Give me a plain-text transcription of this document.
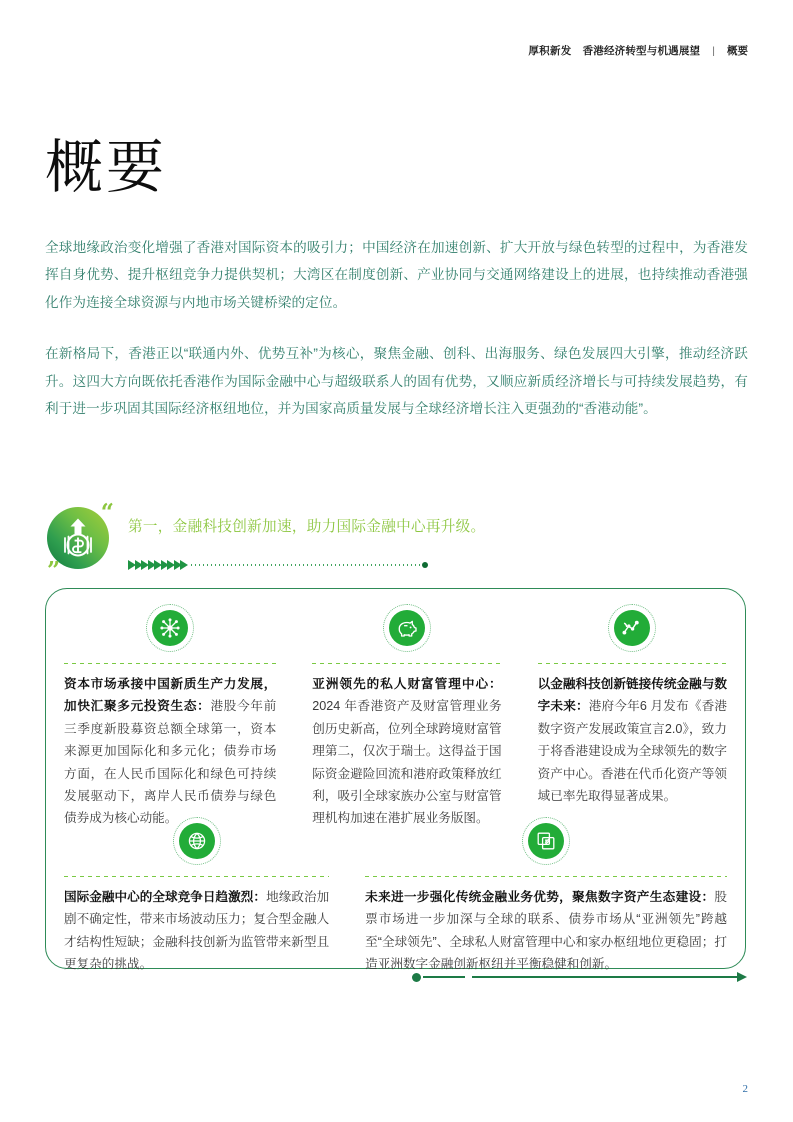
厚积新发 香港经济转型与机遇展望 | 概要
概要

全球地缘政治变化增强了香港对国际资本的吸引力；中国经济在加速创新、扩大开放与绿色转型的过程中，为香港发挥自身优势、提升枢纽竞争力提供契机；大湾区在制度创新、产业协同与交通网络建设上的进展，也持续推动香港强化作为连接全球资源与内地市场关键桥梁的定位。

在新格局下，香港正以“联通内外、优势互补”为核心，聚焦金融、创科、出海服务、绿色发展四大引擎，推动经济跃升。这四大方向既依托香港作为国际金融中心与超级联系人的固有优势，又顺应新质经济增长与可持续发展趋势，有利于进一步巩固其国际经济枢纽地位，并为国家高质量发展与全球经济增长注入更强劲的“香港动能”。

“
”
第一，金融科技创新加速，助力国际金融中心再升级。
资本市场承接中国新质生产力发展，加快汇聚多元投资生态：港股今年前三季度新股募资总额全球第一，资本来源更加国际化和多元化；债券市场方面，在人民币国际化和绿色可持续发展驱动下，离岸人民币债券与绿色债券成为核心动能。
亚洲领先的私人财富管理中心：2024 年香港资产及财富管理业务创历史新高，位列全球跨境财富管理第二，仅次于瑞士。这得益于国际资金避险回流和港府政策释放红利，吸引全球家族办公室与财富管理机构加速在港扩展业务版图。
以金融科技创新链接传统金融与数字未来：港府今年6 月发布《香港数字资产发展政策宣言2.0》，致力于将香港建设成为全球领先的数字资产中心。香港在代币化资产等领域已率先取得显著成果。
国际金融中心的全球竞争日趋激烈：地缘政治加剧不确定性，带来市场波动压力；复合型金融人才结构性短缺；金融科技创新为监管带来新型且更复杂的挑战。
未来进一步强化传统金融业务优势，聚焦数字资产生态建设：股票市场进一步加深与全球的联系、债券市场从“亚洲领先”跨越至“全球领先”、全球私人财富管理中心和家办枢纽地位更稳固；打造亚洲数字金融创新枢纽并平衡稳健和创新。
2
